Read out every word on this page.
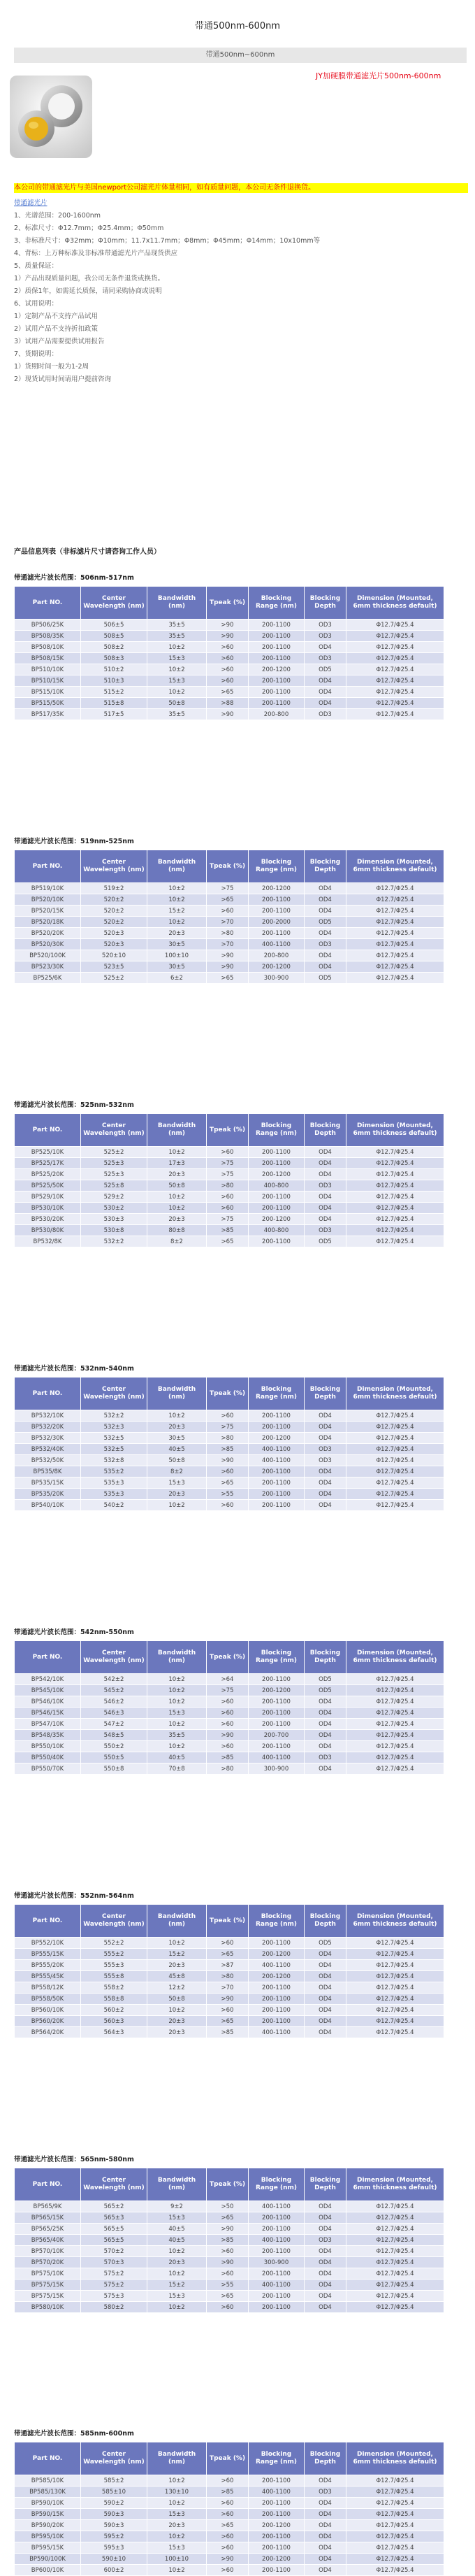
带通500nm-600nm
带通500nm~600nm
JY加硬膜带通滤光片500nm-600nm
本公司的带通滤光片与美国newport公司滤光片体量相同，如有质量问题，本公司无条件退换货。
带通滤光片
1、光谱范围：200-1600nm
2、标准尺寸：Φ12.7mm；Φ25.4mm；Φ50mm
3、非标准尺寸：Φ32mm；Φ10mm；11.7x11.7mm；Φ8mm；Φ45mm；Φ14mm；10x10mm等
4、背标：上万种标准及非标准带通滤光片产品现货供应
5、质量保证：
1）产品出现质量问题，我公司无条件退货或换货。
2）质保1年，如需延长质保，请同采购协商或说明
6、试用说明：
1）定制产品不支持产品试用
2）试用产品不支持折扣政策
3）试用产品需要提供试用报告
7、货期说明：
1）货期时间一般为1-2周
2）现货试用时间请用户提前咨询
产品信息列表（非标滤片尺寸请咨询工作人员）
带通滤光片波长范围：506nm-517nm
Part NO.	Center Wavelength (nm)	Bandwidth (nm)	Tpeak (%)	Blocking Range (nm)	Blocking Depth	Dimension (Mounted, 6mm thickness default)
BP506/25K	506±5	35±5	>90	200-1100	OD3	Φ12.7/Φ25.4
BP508/35K	508±5	35±5	>90	200-1100	OD3	Φ12.7/Φ25.4
BP508/10K	508±2	10±2	>60	200-1100	OD4	Φ12.7/Φ25.4
BP508/15K	508±3	15±3	>60	200-1100	OD3	Φ12.7/Φ25.4
BP510/10K	510±2	10±2	>60	200-1200	OD5	Φ12.7/Φ25.4
BP510/15K	510±3	15±3	>60	200-1100	OD4	Φ12.7/Φ25.4
BP515/10K	515±2	10±2	>65	200-1100	OD4	Φ12.7/Φ25.4
BP515/50K	515±8	50±8	>88	200-1100	OD4	Φ12.7/Φ25.4
BP517/35K	517±5	35±5	>90	200-800	OD3	Φ12.7/Φ25.4
带通滤光片波长范围：519nm-525nm
Part NO.	Center Wavelength (nm)	Bandwidth (nm)	Tpeak (%)	Blocking Range (nm)	Blocking Depth	Dimension (Mounted, 6mm thickness default)
BP519/10K	519±2	10±2	>75	200-1200	OD4	Φ12.7/Φ25.4
BP520/10K	520±2	10±2	>65	200-1100	OD4	Φ12.7/Φ25.4
BP520/15K	520±2	15±2	>60	200-1100	OD4	Φ12.7/Φ25.4
BP520/18K	520±2	10±2	>70	200-2000	OD5	Φ12.7/Φ25.4
BP520/20K	520±3	20±3	>80	200-1100	OD4	Φ12.7/Φ25.4
BP520/30K	520±3	30±5	>70	400-1100	OD3	Φ12.7/Φ25.4
BP520/100K	520±10	100±10	>90	200-800	OD4	Φ12.7/Φ25.4
BP523/30K	523±5	30±5	>90	200-1200	OD4	Φ12.7/Φ25.4
BP525/6K	525±2	6±2	>65	300-900	OD5	Φ12.7/Φ25.4
带通滤光片波长范围：525nm-532nm
Part NO.	Center Wavelength (nm)	Bandwidth (nm)	Tpeak (%)	Blocking Range (nm)	Blocking Depth	Dimension (Mounted, 6mm thickness default)
BP525/10K	525±2	10±2	>60	200-1100	OD4	Φ12.7/Φ25.4
BP525/17K	525±3	17±3	>75	200-1100	OD4	Φ12.7/Φ25.4
BP525/20K	525±3	20±3	>75	200-1200	OD4	Φ12.7/Φ25.4
BP525/50K	525±8	50±8	>80	400-800	OD3	Φ12.7/Φ25.4
BP529/10K	529±2	10±2	>60	200-1100	OD4	Φ12.7/Φ25.4
BP530/10K	530±2	10±2	>60	200-1100	OD4	Φ12.7/Φ25.4
BP530/20K	530±3	20±3	>75	200-1200	OD4	Φ12.7/Φ25.4
BP530/80K	530±8	80±8	>85	400-800	OD3	Φ12.7/Φ25.4
BP532/8K	532±2	8±2	>65	200-1100	OD5	Φ12.7/Φ25.4
带通滤光片波长范围：532nm-540nm
Part NO.	Center Wavelength (nm)	Bandwidth (nm)	Tpeak (%)	Blocking Range (nm)	Blocking Depth	Dimension (Mounted, 6mm thickness default)
BP532/10K	532±2	10±2	>60	200-1100	OD4	Φ12.7/Φ25.4
BP532/20K	532±3	20±3	>75	200-1100	OD4	Φ12.7/Φ25.4
BP532/30K	532±5	30±5	>80	200-1200	OD4	Φ12.7/Φ25.4
BP532/40K	532±5	40±5	>85	400-1100	OD3	Φ12.7/Φ25.4
BP532/50K	532±8	50±8	>90	400-1100	OD3	Φ12.7/Φ25.4
BP535/8K	535±2	8±2	>60	200-1100	OD4	Φ12.7/Φ25.4
BP535/15K	535±3	15±3	>65	200-1100	OD4	Φ12.7/Φ25.4
BP535/20K	535±3	20±3	>55	200-1100	OD4	Φ12.7/Φ25.4
BP540/10K	540±2	10±2	>60	200-1100	OD4	Φ12.7/Φ25.4
带通滤光片波长范围：542nm-550nm
Part NO.	Center Wavelength (nm)	Bandwidth (nm)	Tpeak (%)	Blocking Range (nm)	Blocking Depth	Dimension (Mounted, 6mm thickness default)
BP542/10K	542±2	10±2	>64	200-1100	OD5	Φ12.7/Φ25.4
BP545/10K	545±2	10±2	>75	200-1200	OD5	Φ12.7/Φ25.4
BP546/10K	546±2	10±2	>60	200-1100	OD4	Φ12.7/Φ25.4
BP546/15K	546±3	15±3	>60	200-1100	OD4	Φ12.7/Φ25.4
BP547/10K	547±2	10±2	>60	200-1100	OD4	Φ12.7/Φ25.4
BP548/35K	548±5	35±5	>90	200-700	OD4	Φ12.7/Φ25.4
BP550/10K	550±2	10±2	>60	200-1100	OD4	Φ12.7/Φ25.4
BP550/40K	550±5	40±5	>85	400-1100	OD3	Φ12.7/Φ25.4
BP550/70K	550±8	70±8	>80	300-900	OD4	Φ12.7/Φ25.4
带通滤光片波长范围：552nm-564nm
Part NO.	Center Wavelength (nm)	Bandwidth (nm)	Tpeak (%)	Blocking Range (nm)	Blocking Depth	Dimension (Mounted, 6mm thickness default)
BP552/10K	552±2	10±2	>60	200-1100	OD5	Φ12.7/Φ25.4
BP555/15K	555±2	15±2	>65	200-1200	OD4	Φ12.7/Φ25.4
BP555/20K	555±3	20±3	>87	400-1100	OD4	Φ12.7/Φ25.4
BP555/45K	555±8	45±8	>80	200-1200	OD4	Φ12.7/Φ25.4
BP558/12K	558±2	12±2	>70	200-1100	OD4	Φ12.7/Φ25.4
BP558/50K	558±8	50±8	>90	200-1100	OD4	Φ12.7/Φ25.4
BP560/10K	560±2	10±2	>60	200-1100	OD4	Φ12.7/Φ25.4
BP560/20K	560±3	20±3	>65	200-1100	OD4	Φ12.7/Φ25.4
BP564/20K	564±3	20±3	>85	400-1100	OD4	Φ12.7/Φ25.4
带通滤光片波长范围：565nm-580nm
Part NO.	Center Wavelength (nm)	Bandwidth (nm)	Tpeak (%)	Blocking Range (nm)	Blocking Depth	Dimension (Mounted, 6mm thickness default)
BP565/9K	565±2	9±2	>50	400-1100	OD4	Φ12.7/Φ25.4
BP565/15K	565±3	15±3	>65	200-1100	OD4	Φ12.7/Φ25.4
BP565/25K	565±5	40±5	>90	200-1100	OD4	Φ12.7/Φ25.4
BP565/40K	565±5	40±5	>85	400-1100	OD3	Φ12.7/Φ25.4
BP570/10K	570±2	10±2	>60	200-1100	OD4	Φ12.7/Φ25.4
BP570/20K	570±3	20±3	>90	300-900	OD4	Φ12.7/Φ25.4
BP575/10K	575±2	10±2	>60	200-1100	OD4	Φ12.7/Φ25.4
BP575/15K	575±2	15±2	>55	400-1100	OD4	Φ12.7/Φ25.4
BP575/15K	575±3	15±3	>65	200-1100	OD4	Φ12.7/Φ25.4
BP580/10K	580±2	10±2	>60	200-1100	OD4	Φ12.7/Φ25.4
带通滤光片波长范围：585nm-600nm
Part NO.	Center Wavelength (nm)	Bandwidth (nm)	Tpeak (%)	Blocking Range (nm)	Blocking Depth	Dimension (Mounted, 6mm thickness default)
BP585/10K	585±2	10±2	>60	200-1100	OD4	Φ12.7/Φ25.4
BP585/130K	585±10	130±10	>85	400-1100	OD3	Φ12.7/Φ25.4
BP590/10K	590±2	10±2	>60	200-1100	OD4	Φ12.7/Φ25.4
BP590/15K	590±3	15±3	>60	200-1100	OD4	Φ12.7/Φ25.4
BP590/20K	590±3	20±3	>65	200-1200	OD4	Φ12.7/Φ25.4
BP595/10K	595±2	10±2	>60	200-1100	OD4	Φ12.7/Φ25.4
BP595/15K	595±3	15±3	>60	200-1100	OD4	Φ12.7/Φ25.4
BP590/100K	590±10	100±10	>90	200-1200	OD4	Φ12.7/Φ25.4
BP600/10K	600±2	10±2	>60	200-1100	OD4	Φ12.7/Φ25.4
